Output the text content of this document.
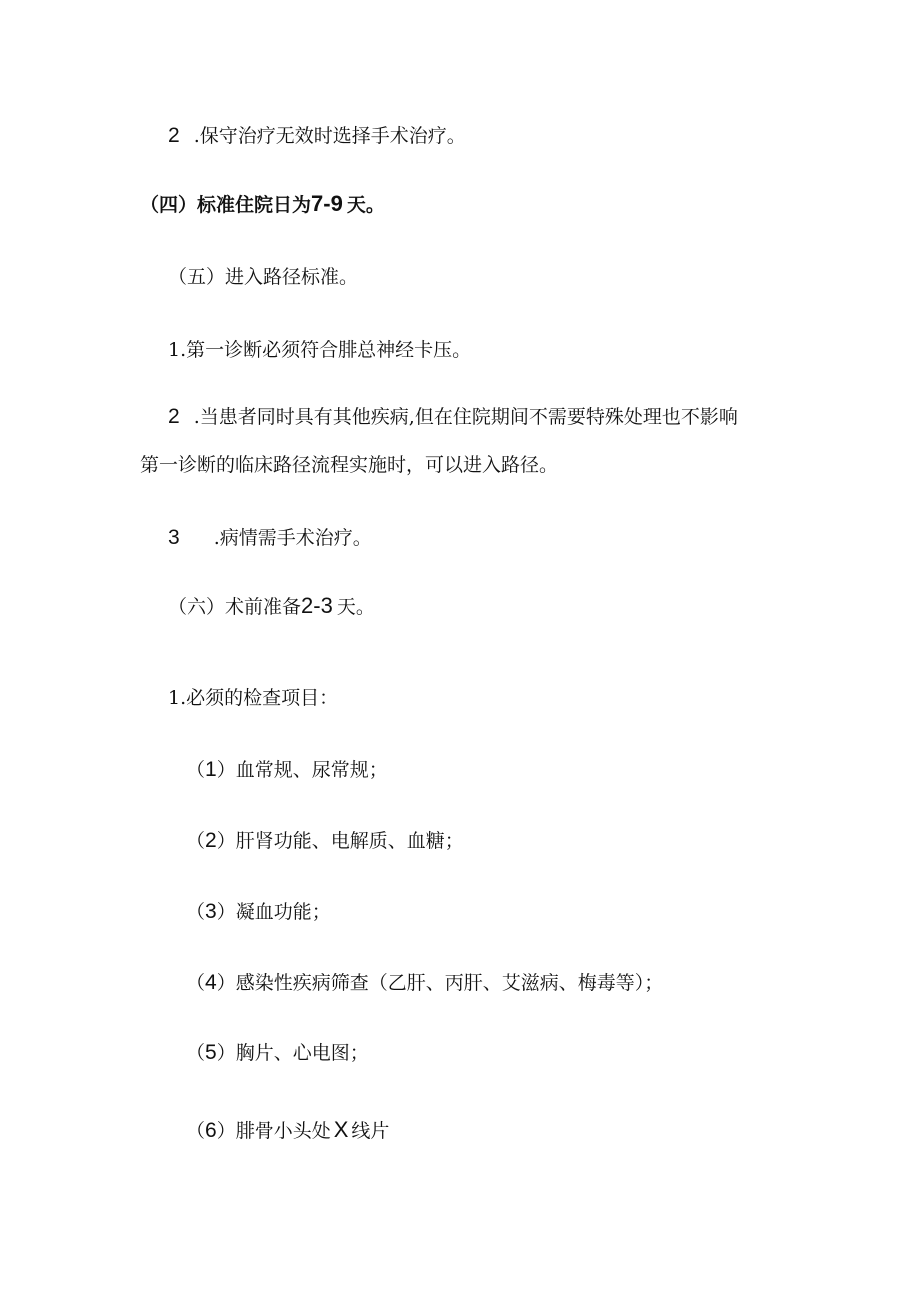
2 .保守治疗无效时选择手术治疗。
（四）标准住院日为7-9 天。
（五）进入路径标准。
1.第一诊断必须符合腓总神经卡压。
2 .当患者同时具有其他疾病,但在住院期间不需要特殊处理也不影响
第一诊断的临床路径流程实施时，可以进入路径。
3 .病情需手术治疗。
（六）术前准备2-3 天。
1.必须的检查项目：
（1）血常规、尿常规；
（2）肝肾功能、电解质、血糖；
（3）凝血功能；
（4）感染性疾病筛查（乙肝、丙肝、艾滋病、梅毒等）；
（5）胸片、心电图；
（6）腓骨小头处 X 线片
